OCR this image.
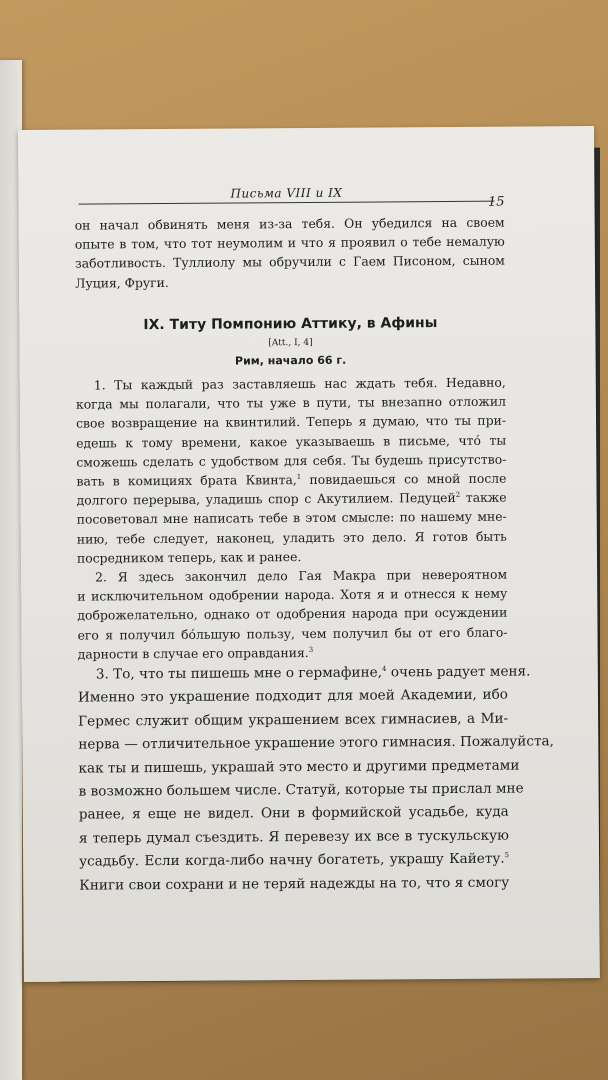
Письма VIII и IX
15
он начал обвинять меня из-за тебя. Он убедился на своем
опыте в том, что тот неумолим и что я проявил о тебе немалую
заботливость. Туллиолу мы обручили с Гаем Писоном, сыном
Луция, Фруги.
IX. Титу Помпонию Аттику, в Афины
[Att., I, 4]
Рим, начало 66 г.
1. Ты каждый раз заставляешь нас ждать тебя. Недавно,
когда мы полагали, что ты уже в пути, ты внезапно отложил
свое возвращение на квинтилий. Теперь я думаю, что ты при-
едешь к тому времени, какое указываешь в письме, что́ ты
сможешь сделать с удобством для себя. Ты будешь присутство-
вать в комициях брата Квинта,$^1$ повидаешься со мной после
долгого перерыва, уладишь спор с Акутилием. Педуцей$^2$ также
посоветовал мне написать тебе в этом смысле: по нашему мне-
нию, тебе следует, наконец, уладить это дело. Я готов быть
посредником теперь, как и ранее.
2. Я здесь закончил дело Гая Макра при невероятном
и исключительном одобрении народа. Хотя я и отнесся к нему
доброжелательно, однако от одобрения народа при осуждении
его я получил бо́льшую пользу, чем получил бы от его благо-
дарности в случае его оправдания.$^3$
3. То, что ты пишешь мне о гермафине,$^4$ очень радует меня.
Именно это украшение подходит для моей Академии, ибо
Гермес служит общим украшением всех гимнасиев, а Ми-
нерва — отличительное украшение этого гимнасия. Пожалуйста,
как ты и пишешь, украшай это место и другими предметами
в возможно большем числе. Статуй, которые ты прислал мне
ранее, я еще не видел. Они в формийской усадьбе, куда
я теперь думал съездить. Я перевезу их все в тускульскую
усадьбу. Если когда-либо начну богатеть, украшу Кайету.$^5$
Книги свои сохрани и не теряй надежды на то, что я смогу
